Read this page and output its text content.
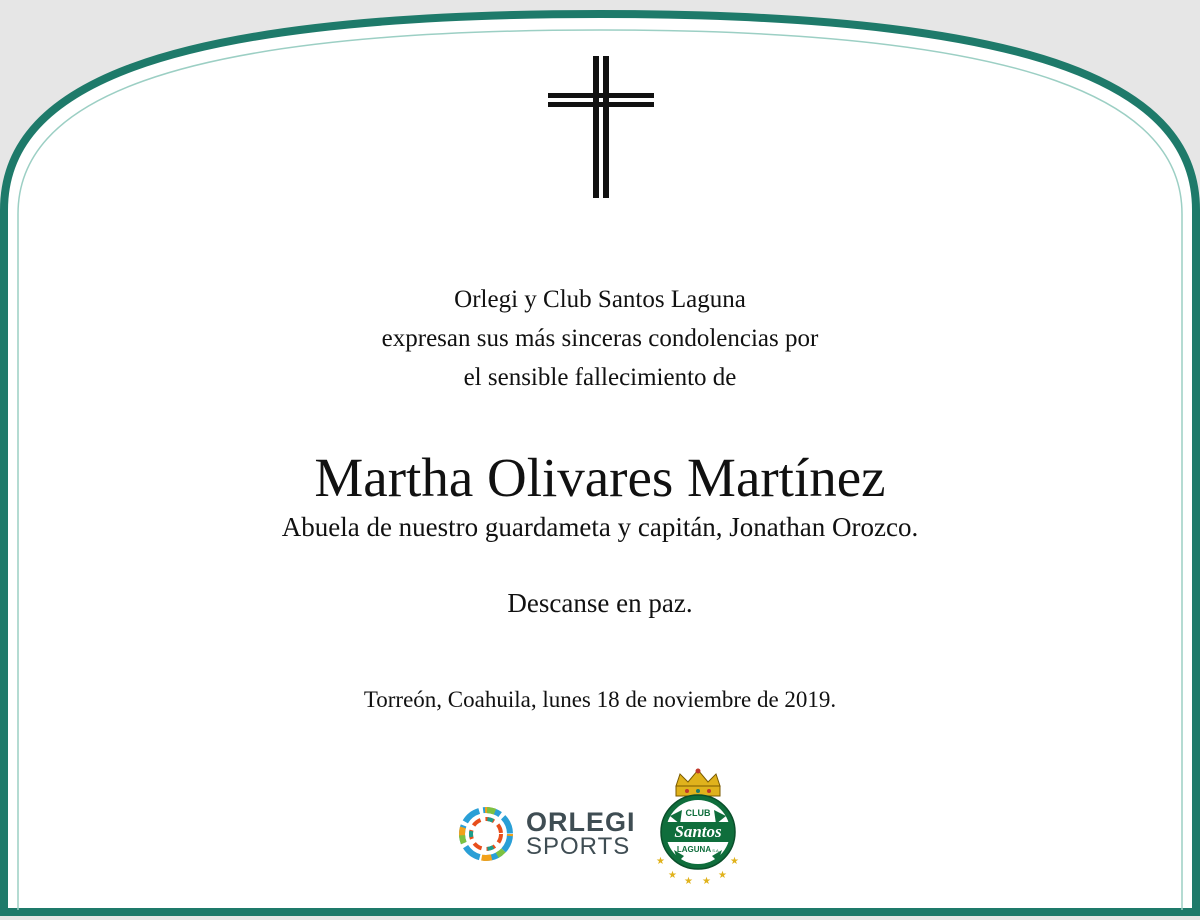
Orlegi y Club Santos Laguna
expresan sus más sinceras condolencias por
el sensible fallecimiento de
Martha Olivares Martínez
Abuela de nuestro guardameta y capitán, Jonathan Orozco.
Descanse en paz.
Torreón, Coahuila, lunes 18 de noviembre de 2019.
ORLEGI
SPORTS
CLUB
Santos
LAGUNA S.A.
★	★
★
★ ★
★
